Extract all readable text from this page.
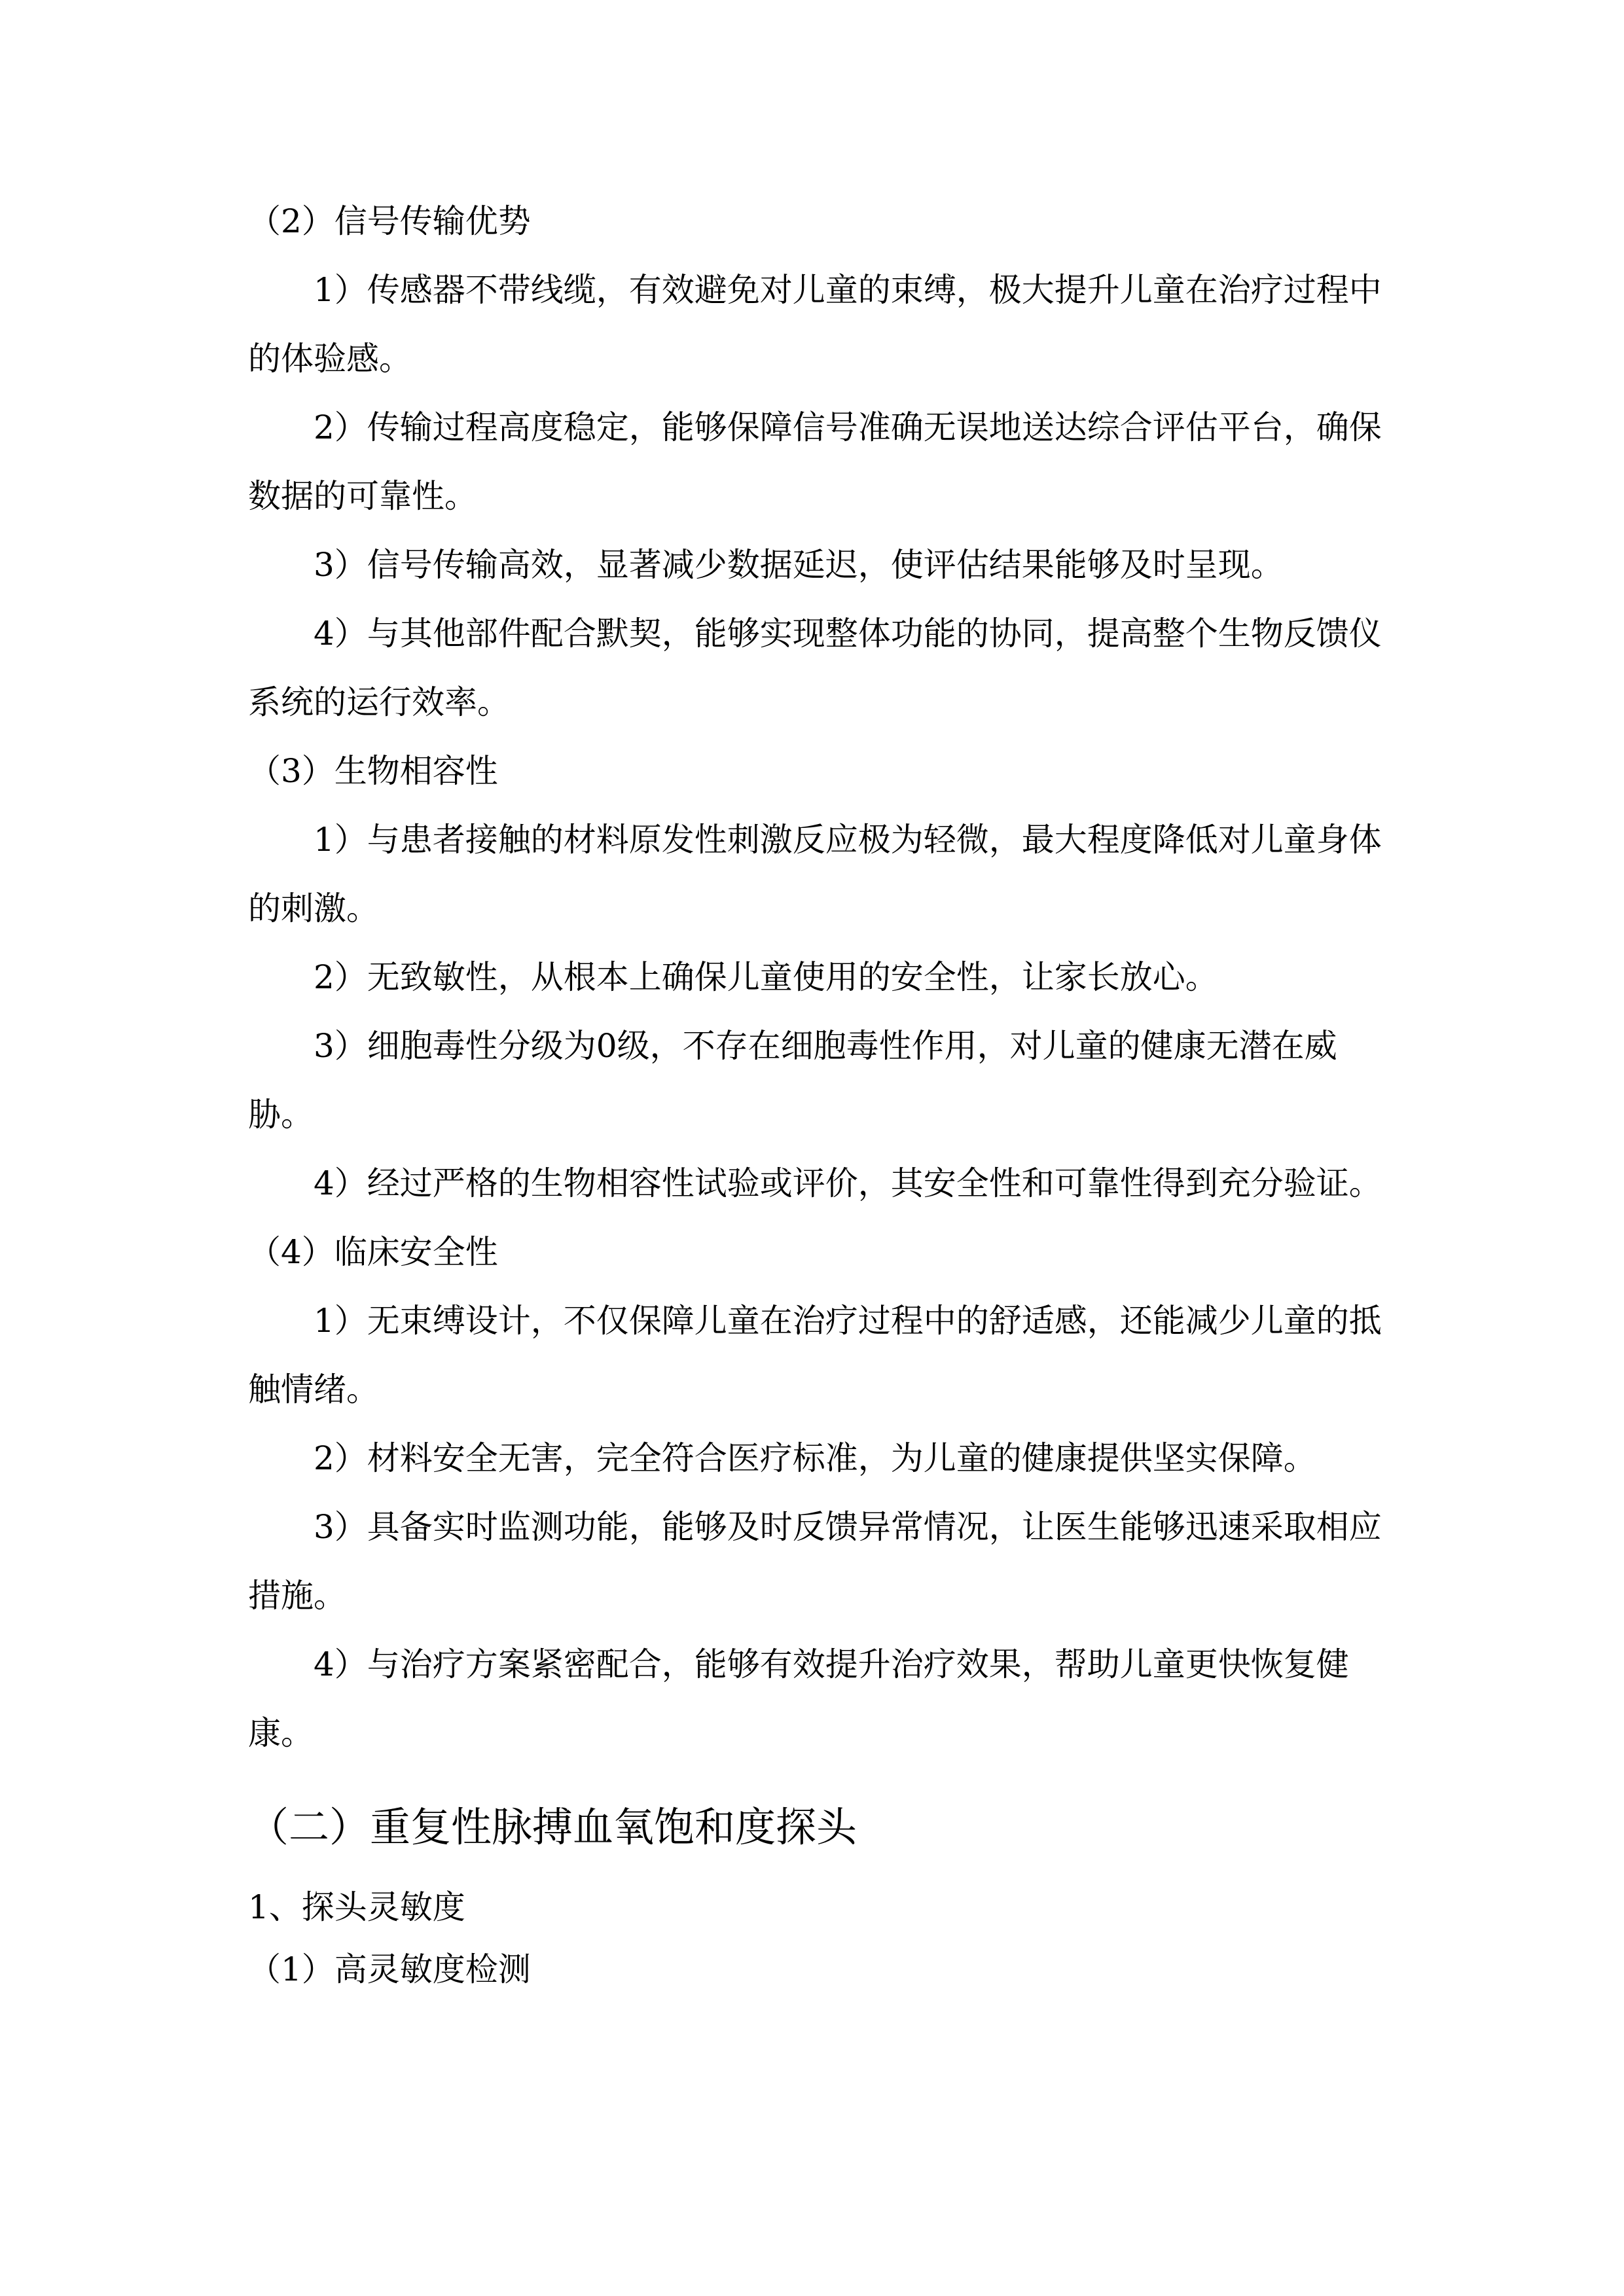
（2）信号传输优势

1）传感器不带线缆，有效避免对儿童的束缚，极大提升儿童在治疗过程中的体验感。

2）传输过程高度稳定，能够保障信号准确无误地送达综合评估平台，确保数据的可靠性。

3）信号传输高效，显著减少数据延迟，使评估结果能够及时呈现。

4）与其他部件配合默契，能够实现整体功能的协同，提高整个生物反馈仪系统的运行效率。

（3）生物相容性

1）与患者接触的材料原发性刺激反应极为轻微，最大程度降低对儿童身体的刺激。

2）无致敏性，从根本上确保儿童使用的安全性，让家长放心。

3）细胞毒性分级为0级，不存在细胞毒性作用，对儿童的健康无潜在威胁。

4）经过严格的生物相容性试验或评价，其安全性和可靠性得到充分验证。

（4）临床安全性

1）无束缚设计，不仅保障儿童在治疗过程中的舒适感，还能减少儿童的抵触情绪。

2）材料安全无害，完全符合医疗标准，为儿童的健康提供坚实保障。

3）具备实时监测功能，能够及时反馈异常情况，让医生能够迅速采取相应措施。

4）与治疗方案紧密配合，能够有效提升治疗效果，帮助儿童更快恢复健康。

（二）重复性脉搏血氧饱和度探头

1、探头灵敏度

（1）高灵敏度检测
